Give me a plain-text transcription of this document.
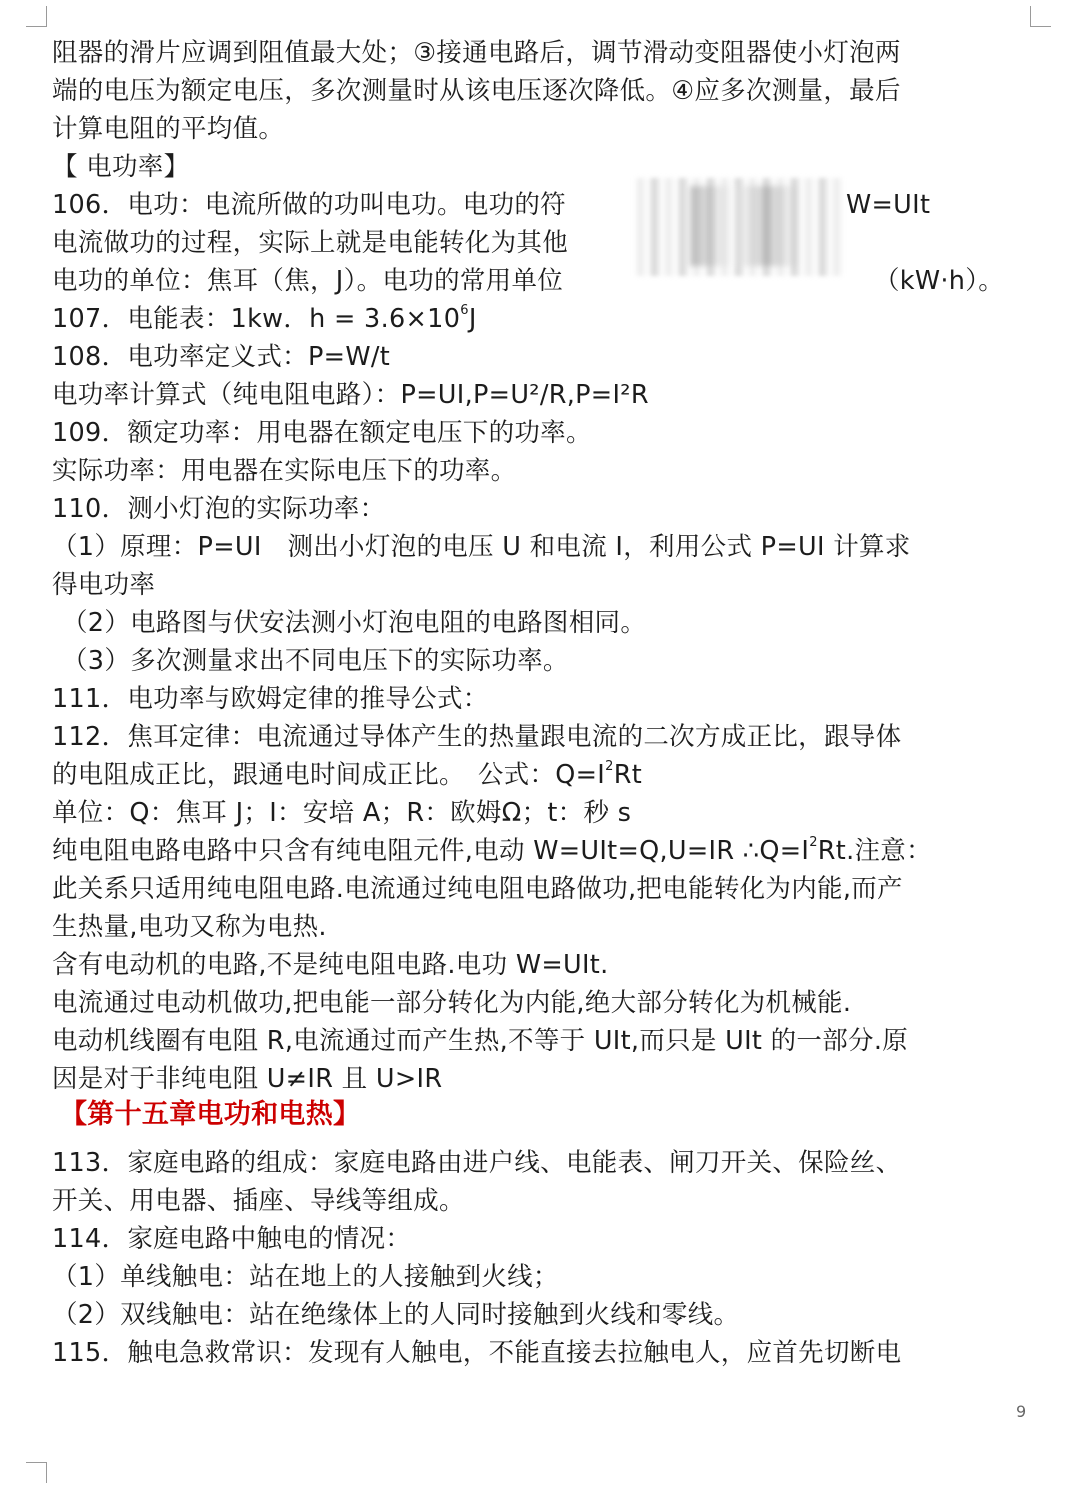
阻器的滑片应调到阻值最大处；③接通电路后，调节滑动变阻器使小灯泡两
端的电压为额定电压，多次测量时从该电压逐次降低。④应多次测量，最后
计算电阻的平均值。
【 电功率】
106．电功：电流所做的功叫电功。电功的符	W=UIt
电流做功的过程，实际上就是电能转化为其他
电功的单位：焦耳（焦，J）。电功的常用单位	（kW·h）。
107．电能表：1kw．$h = 3.6\times 10^6J$
108．电功率定义式：P=W/t
电功率计算式（纯电阻电路）：P=UI,P=U²/R,P=I²R
109．额定功率：用电器在额定电压下的功率。
实际功率：用电器在实际电压下的功率。
110．测小灯泡的实际功率：
（1）原理：P=UI　测出小灯泡的电压 U 和电流 I，利用公式 P=UI 计算求
得电功率
（2）电路图与伏安法测小灯泡电阻的电路图相同。
（3）多次测量求出不同电压下的实际功率。
111．电功率与欧姆定律的推导公式：
112．焦耳定律：电流通过导体产生的热量跟电流的二次方成正比，跟导体
的电阻成正比，跟通电时间成正比。　公式：$Q=I^2Rt$
单位：Q：焦耳 J；I：安培 A；R：欧姆Ω；t：秒 s
纯电阻电路电路中只含有纯电阻元件,电动 W=UIt=Q,U=IR $\therefore Q=I^2Rt$.注意：
此关系只适用纯电阻电路.电流通过纯电阻电路做功,把电能转化为内能,而产
生热量,电功又称为电热.
含有电动机的电路,不是纯电阻电路.电功 W=UIt.
电流通过电动机做功,把电能一部分转化为内能,绝大部分转化为机械能.
电动机线圈有电阻 R,电流通过而产生热,不等于 UIt,而只是 UIt 的一部分.原
因是对于非纯电阻 U≠IR 且 U>IR
【第十五章电功和电热】
113．家庭电路的组成：家庭电路由进户线、电能表、闸刀开关、保险丝、
开关、用电器、插座、导线等组成。
114．家庭电路中触电的情况：
（1）单线触电：站在地上的人接触到火线；
（2）双线触电：站在绝缘体上的人同时接触到火线和零线。
115．触电急救常识：发现有人触电，不能直接去拉触电人，应首先切断电
9
